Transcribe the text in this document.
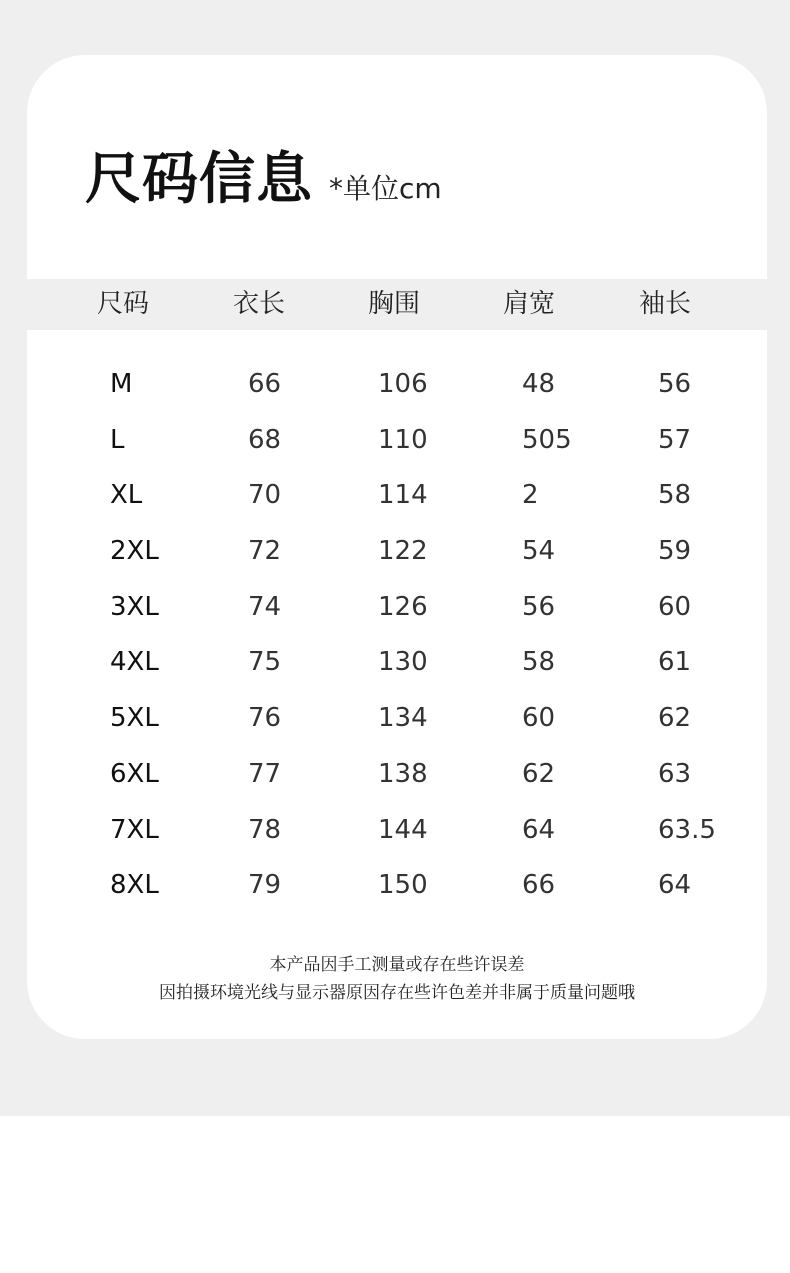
尺码信息 *单位cm
尺码	衣长	胸围	肩宽	袖长
M	66	106	48	56
L	68	110	505	57
XL	70	114	2	58
2XL	72	122	54	59
3XL	74	126	56	60
4XL	75	130	58	61
5XL	76	134	60	62
6XL	77	138	62	63
7XL	78	144	64	63.5
8XL	79	150	66	64
本产品因手工测量或存在些许误差
因拍摄环境光线与显示器原因存在些许色差并非属于质量问题哦
